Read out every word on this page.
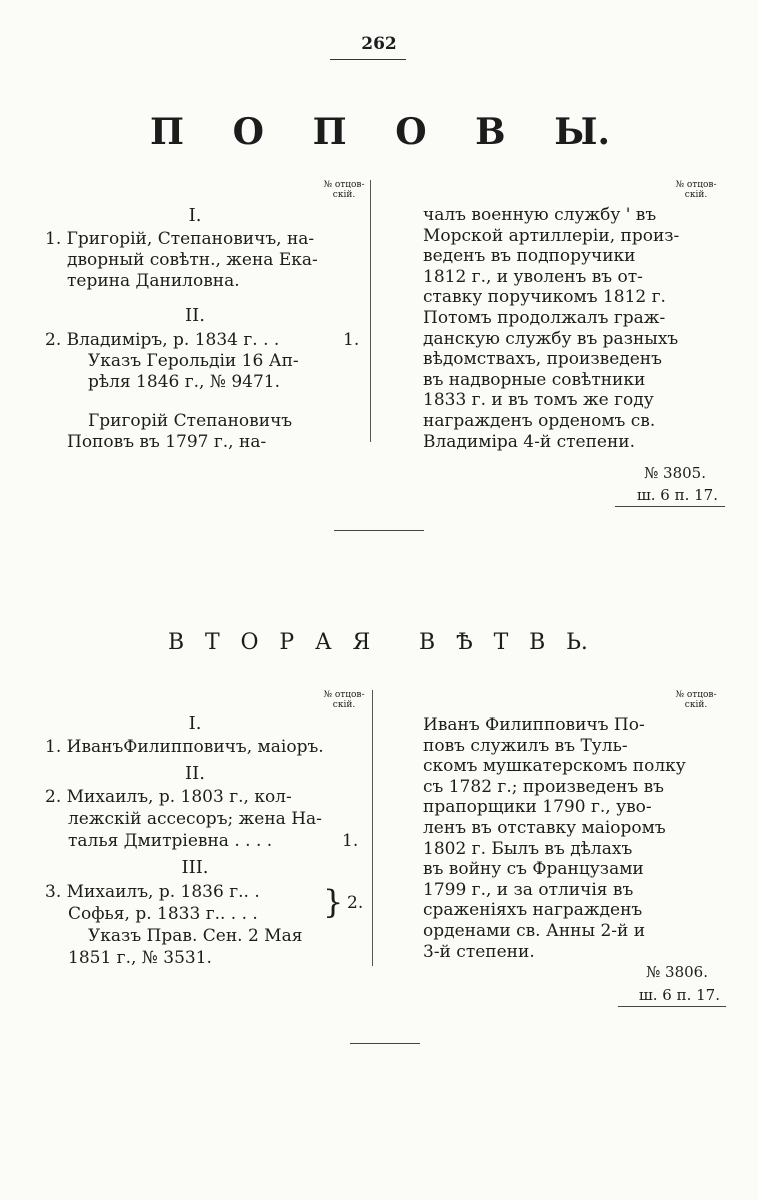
262
П О П О В Ы.
№ отцов-
скій.
№ отцов-
скій.
I.
1. Григорій, Степановичъ, на-
дворный совѣтн., жена Ека-
терина Даниловна.
II.
2. Владиміръ, р. 1834 г. . .	1.
Указъ Герольдіи 16 Ап-
рѣля 1846 г., № 9471.
Григорій Степановичъ
Поповъ въ 1797 г., на-
чалъ военную службу ' въ
Морской артиллеріи, произ-
веденъ въ подпоручики
1812 г., и уволенъ въ от-
ставку поручикомъ 1812 г.
Потомъ продолжалъ граж-
данскую службу въ разныхъ
вѣдомствахъ, произведенъ
въ надворные совѣтники
1833 г. и въ томъ же году
награжденъ орденомъ св.
Владиміра 4-й степени.
№ 3805.
ш. 6 п. 17.
В Т О Р А Я
В Ѣ Т В Ь.
№ отцов-
скій.
№ отцов-
скій.
I.
1. ИванъФилипповичъ, маіоръ.
II.
2. Михаилъ, р. 1803 г., кол-
лежскій ассесоръ; жена На-
талья Дмитріевна . . . .	1.
III.
3. Михаилъ, р. 1836 г.. .
Софья, р. 1833 г.. . . . } 2.
Указъ Прав. Сен. 2 Мая
1851 г., № 3531.
Иванъ Филипповичъ По-
повъ служилъ въ Туль-
скомъ мушкатерскомъ полку
съ 1782 г.; произведенъ въ
прапорщики 1790 г., уво-
ленъ въ отставку маіоромъ
1802 г. Былъ въ дѣлахъ
въ войну съ Французами
1799 г., и за отличія въ
сраженіяхъ награжденъ
орденами св. Анны 2-й и
3-й степени.
№ 3806.
ш. 6 п. 17.
